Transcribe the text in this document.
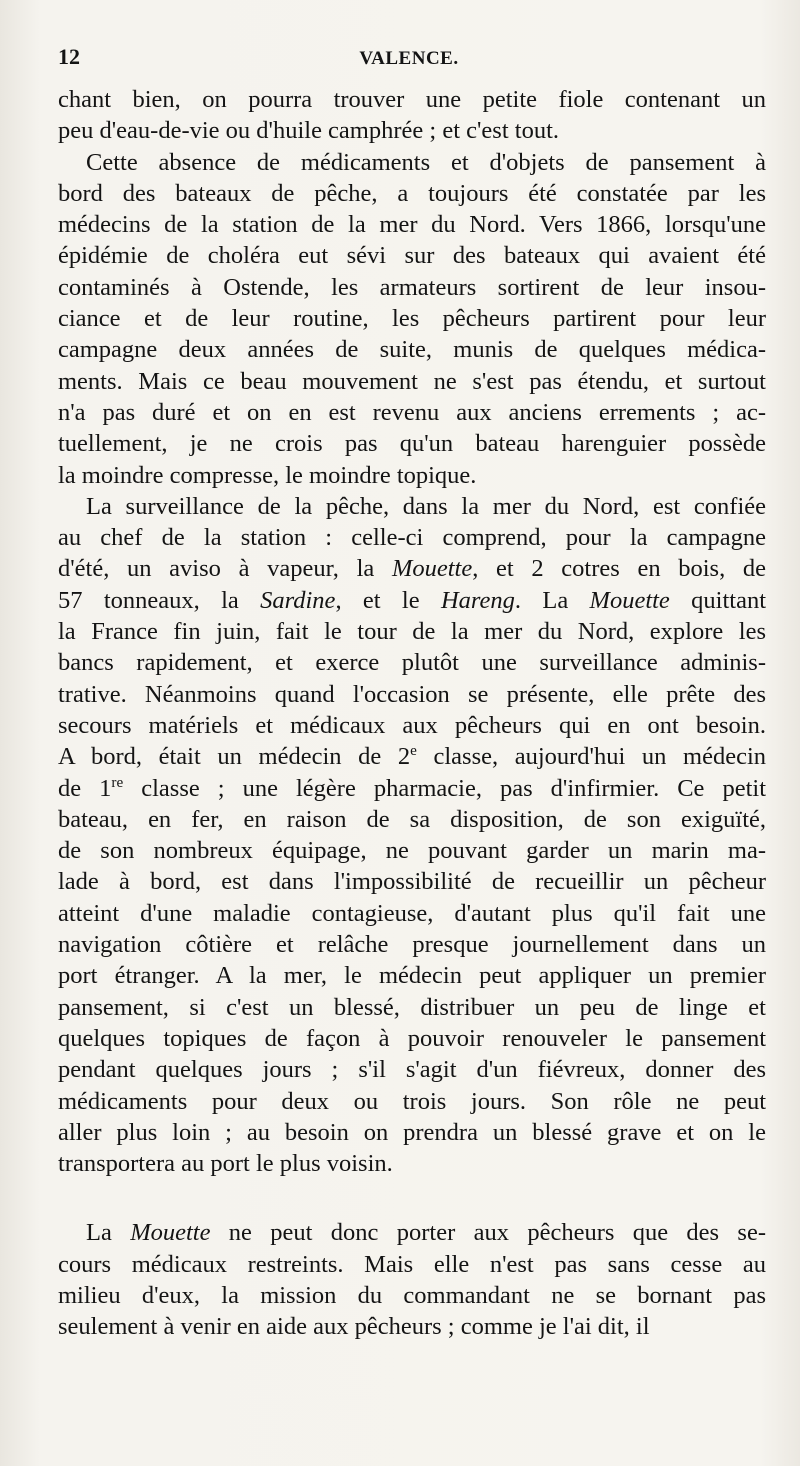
12	VALENCE.
chant bien, on pourra trouver une petite fiole contenant un
peu d'eau-de-vie ou d'huile camphrée ; et c'est tout.
Cette absence de médicaments et d'objets de pansement à
bord des bateaux de pêche, a toujours été constatée par les
médecins de la station de la mer du Nord. Vers 1866, lorsqu'une
épidémie de choléra eut sévi sur des bateaux qui avaient été
contaminés à Ostende, les armateurs sortirent de leur insou-
ciance et de leur routine, les pêcheurs partirent pour leur
campagne deux années de suite, munis de quelques médica-
ments. Mais ce beau mouvement ne s'est pas étendu, et surtout
n'a pas duré et on en est revenu aux anciens errements ; ac-
tuellement, je ne crois pas qu'un bateau harenguier possède
la moindre compresse, le moindre topique.
La surveillance de la pêche, dans la mer du Nord, est confiée
au chef de la station : celle-ci comprend, pour la campagne
d'été, un aviso à vapeur, la Mouette, et 2 cotres en bois, de
57 tonneaux, la Sardine, et le Hareng. La Mouette quittant
la France fin juin, fait le tour de la mer du Nord, explore les
bancs rapidement, et exerce plutôt une surveillance adminis-
trative. Néanmoins quand l'occasion se présente, elle prête des
secours matériels et médicaux aux pêcheurs qui en ont besoin.
A bord, était un médecin de 2e classe, aujourd'hui un médecin
de 1re classe ; une légère pharmacie, pas d'infirmier. Ce petit
bateau, en fer, en raison de sa disposition, de son exiguïté,
de son nombreux équipage, ne pouvant garder un marin ma-
lade à bord, est dans l'impossibilité de recueillir un pêcheur
atteint d'une maladie contagieuse, d'autant plus qu'il fait une
navigation côtière et relâche presque journellement dans un
port étranger. A la mer, le médecin peut appliquer un premier
pansement, si c'est un blessé, distribuer un peu de linge et
quelques topiques de façon à pouvoir renouveler le pansement
pendant quelques jours ; s'il s'agit d'un fiévreux, donner des
médicaments pour deux ou trois jours. Son rôle ne peut
aller plus loin ; au besoin on prendra un blessé grave et on le
transportera au port le plus voisin.
La Mouette ne peut donc porter aux pêcheurs que des se-
cours médicaux restreints. Mais elle n'est pas sans cesse au
milieu d'eux, la mission du commandant ne se bornant pas
seulement à venir en aide aux pêcheurs ; comme je l'ai dit, il
